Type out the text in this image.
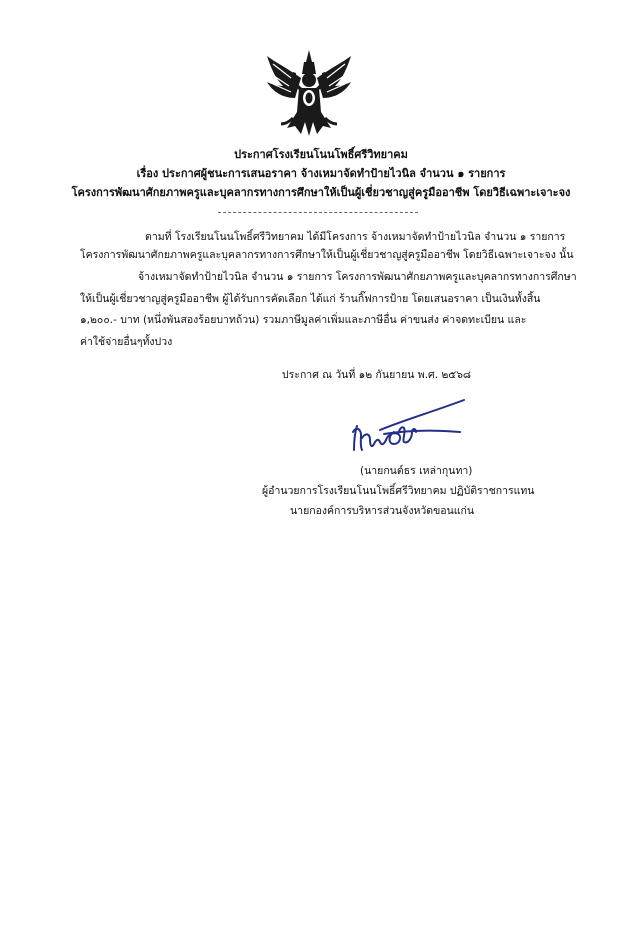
ประกาศโรงเรียนโนนโพธิ์ศรีวิทยาคม
เรื่อง ประกาศผู้ชนะการเสนอราคา จ้างเหมาจัดทำป้ายไวนิล จำนวน ๑ รายการ
โครงการพัฒนาศักยภาพครูและบุคลากรทางการศึกษาให้เป็นผู้เชี่ยวชาญสู่ครูมืออาชีพ โดยวิธีเฉพาะเจาะจง
ตามที่ โรงเรียนโนนโพธิ์ศรีวิทยาคม ได้มีโครงการ จ้างเหมาจัดทำป้ายไวนิล จำนวน ๑ รายการ
โครงการพัฒนาศักยภาพครูและบุคลากรทางการศึกษาให้เป็นผู้เชี่ยวชาญสู่ครูมืออาชีพ โดยวิธีเฉพาะเจาะจง นั้น
จ้างเหมาจัดทำป้ายไวนิล จำนวน ๑ รายการ โครงการพัฒนาศักยภาพครูและบุคลากรทางการศึกษา
ให้เป็นผู้เชี่ยวชาญสู่ครูมืออาชีพ ผู้ได้รับการคัดเลือก ได้แก่ ร้านกิ๊ฟการป้าย โดยเสนอราคา เป็นเงินทั้งสิ้น
๑,๒๐๐.- บาท (หนึ่งพันสองร้อยบาทถ้วน) รวมภาษีมูลค่าเพิ่มและภาษีอื่น ค่าขนส่ง ค่าจดทะเบียน และ
ค่าใช้จ่ายอื่นๆทั้งปวง
ประกาศ ณ วันที่ ๑๒ กันยายน พ.ศ. ๒๕๖๘
(นายกนต์ธร เหล่ากุนทา)
ผู้อำนวยการโรงเรียนโนนโพธิ์ศรีวิทยาคม ปฏิบัติราชการแทน
นายกองค์การบริหารส่วนจังหวัดขอนแก่น
